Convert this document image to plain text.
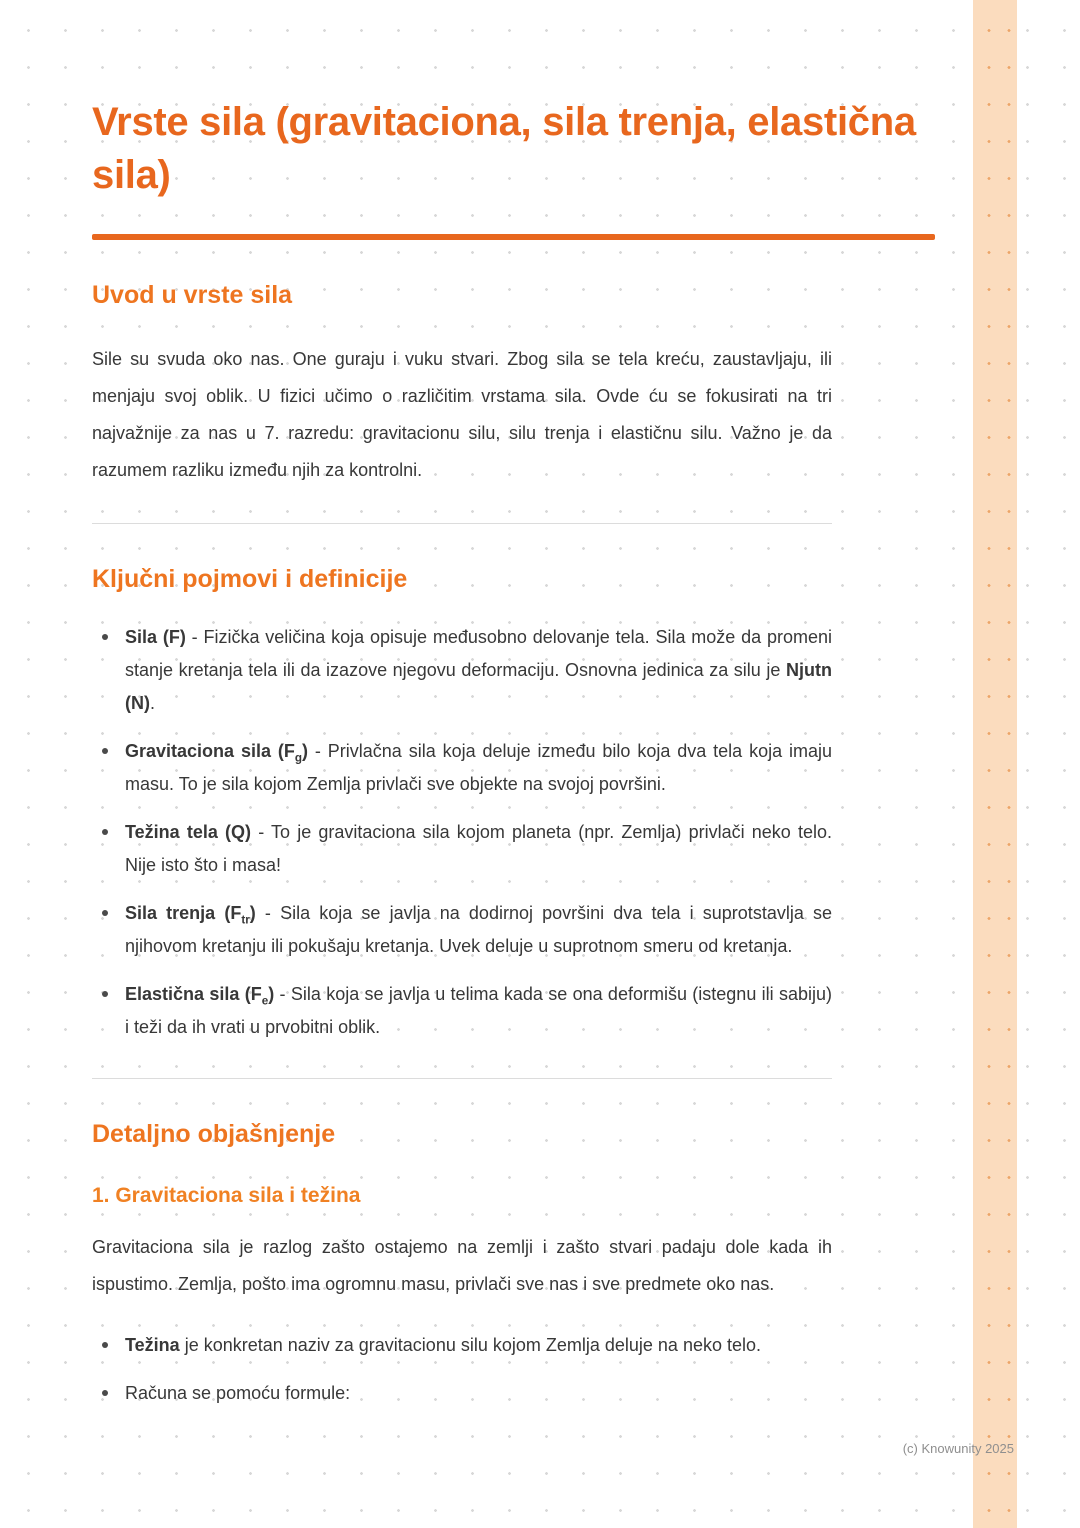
Vrste sila (gravitaciona, sila trenja, elastična sila)
Uvod u vrste sila

Sile su svuda oko nas. One guraju i vuku stvari. Zbog sila se tela kreću, zaustavljaju, ili menjaju svoj oblik. U fizici učimo o različitim vrstama sila. Ovde ću se fokusirati na tri najvažnije za nas u 7. razredu: gravitacionu silu, silu trenja i elastičnu silu. Važno je da razumem razliku između njih za kontrolni.

Ključni pojmovi i definicije
Sila (F) - Fizička veličina koja opisuje međusobno delovanje tela. Sila može da promeni stanje kretanja tela ili da izazove njegovu deformaciju. Osnovna jedinica za silu je Njutn (N).
Gravitaciona sila $(F_g)$ - Privlačna sila koja deluje između bilo koja dva tela koja imaju masu. To je sila kojom Zemlja privlači sve objekte na svojoj površini.
Težina tela (Q) - To je gravitaciona sila kojom planeta (npr. Zemlja) privlači neko telo. Nije isto što i masa!
Sila trenja $(F_{tr})$ - Sila koja se javlja na dodirnoj površini dva tela i suprotstavlja se njihovom kretanju ili pokušaju kretanja. Uvek deluje u suprotnom smeru od kretanja.
Elastična sila $(F_e)$ - Sila koja se javlja u telima kada se ona deformišu (istegnu ili sabiju) i teži da ih vrati u prvobitni oblik.
Detaljno objašnjenje
1. Gravitaciona sila i težina

Gravitaciona sila je razlog zašto ostajemo na zemlji i zašto stvari padaju dole kada ih ispustimo. Zemlja, pošto ima ogromnu masu, privlači sve nas i sve predmete oko nas.

Težina je konkretan naziv za gravitacionu silu kojom Zemlja deluje na neko telo.
Računa se pomoću formule:
(c) Knowunity 2025
